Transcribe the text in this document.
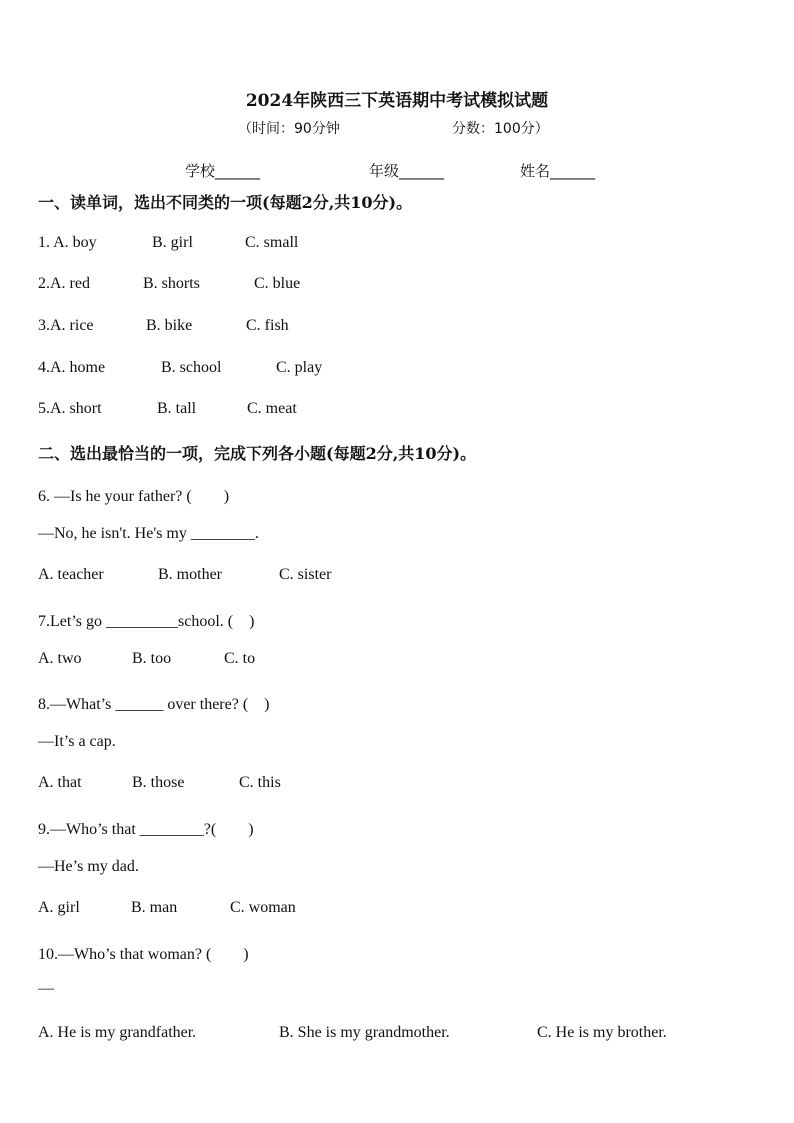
2024年陕西三下英语期中考试模拟试题
（时间：90分钟	分数：100分）
学校______	年级______	姓名______
一、读单词，选出不同类的一项(每题2分,共10分)。
1. A. boy	B. girl	C. small
2.A. red	B. shorts	C. blue
3.A. rice	B. bike	C. fish
4.A. home	B. school	C. play
5.A. short	B. tall	C. meat
二、选出最恰当的一项，完成下列各小题(每题2分,共10分)。
6. —Is he your father? (　　)
—No, he isn't. He's my ________.
A. teacher	B. mother	C. sister
7.Let’s go _________school. (　)
A. two	B. too	C. to
8.—What’s ______ over there? (　)
—It’s a cap.
A. that	B. those	C. this
9.—Who’s that ________?(　　)
—He’s my dad.
A. girl	B. man	C. woman
10.—Who’s that woman? (　　)
—
A. He is my grandfather.	B. She is my grandmother.	C. He is my brother.
